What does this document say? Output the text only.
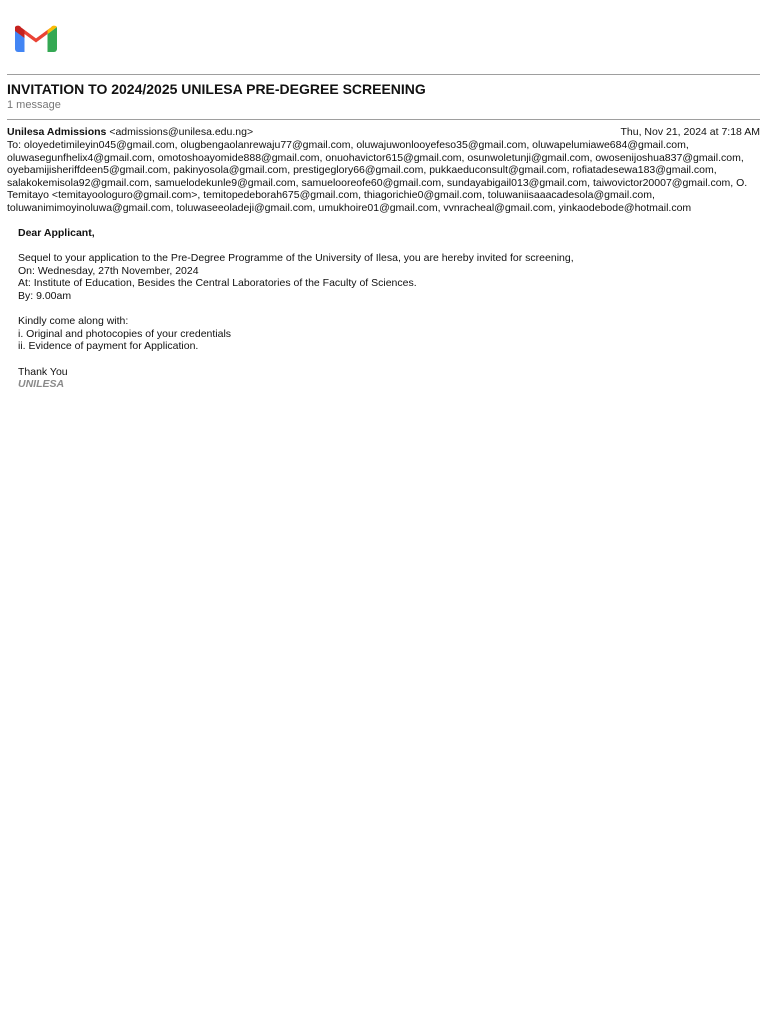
INVITATION TO 2024/2025 UNILESA PRE-DEGREE SCREENING
1 message
Unilesa Admissions <admissions@unilesa.edu.ng>	Thu, Nov 21, 2024 at 7:18 AM
To: oloyedetimileyin045@gmail.com, olugbengaolanrewaju77@gmail.com, oluwajuwonlooyefeso35@gmail.com, oluwapelumiawe684@gmail.com,
oluwasegunfhelix4@gmail.com, omotoshoayomide888@gmail.com, onuohavictor615@gmail.com, osunwoletunji@gmail.com, owosenijoshua837@gmail.com,
oyebamijisheriffdeen5@gmail.com, pakinyosola@gmail.com, prestigeglory66@gmail.com, pukkaeduconsult@gmail.com, rofiatadesewa183@gmail.com,
salakokemisola92@gmail.com, samuelodekunle9@gmail.com, samuelooreofe60@gmail.com, sundayabigail013@gmail.com, taiwovictor20007@gmail.com, O.
Temitayo <temitayoologuro@gmail.com>, temitopedeborah675@gmail.com, thiagorichie0@gmail.com, toluwaniisaaacadesola@gmail.com,
toluwanimimoyinoluwa@gmail.com, toluwaseeoladeji@gmail.com, umukhoire01@gmail.com, vvnracheal@gmail.com, yinkaodebode@hotmail.com
Dear Applicant,
Sequel to your application to the Pre-Degree Programme of the University of Ilesa, you are hereby invited for screening,
On: Wednesday, 27th November, 2024
At: Institute of Education, Besides the Central Laboratories of the Faculty of Sciences.
By: 9.00am
Kindly come along with:
i. Original and photocopies of your credentials
ii. Evidence of payment for Application.
Thank You
UNILESA
